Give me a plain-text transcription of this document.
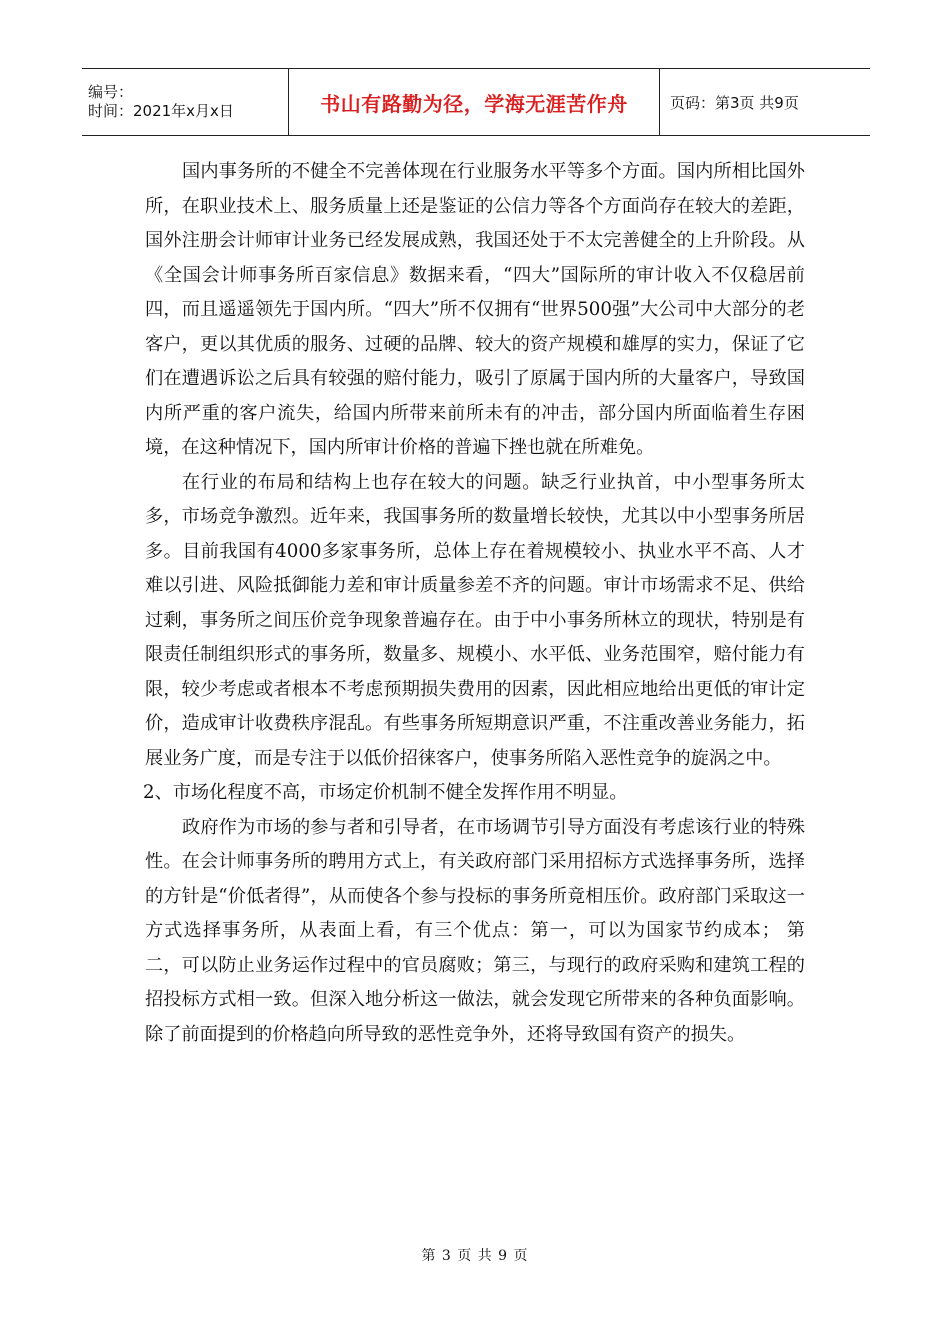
编号：
时间：2021年x月x日	书山有路勤为径，学海无涯苦作舟	页码：第3页 共9页

国内事务所的不健全不完善体现在行业服务水平等多个方面。国内所相比国外所，在职业技术上、服务质量上还是鉴证的公信力等各个方面尚存在较大的差距，国外注册会计师审计业务已经发展成熟，我国还处于不太完善健全的上升阶段。从《全国会计师事务所百家信息》数据来看，“四大”国际所的审计收入不仅稳居前四，而且遥遥领先于国内所。“四大”所不仅拥有“世界500强”大公司中大部分的老客户，更以其优质的服务、过硬的品牌、较大的资产规模和雄厚的实力，保证了它们在遭遇诉讼之后具有较强的赔付能力，吸引了原属于国内所的大量客户，导致国内所严重的客户流失，给国内所带来前所未有的冲击，部分国内所面临着生存困境，在这种情况下，国内所审计价格的普遍下挫也就在所难免。

在行业的布局和结构上也存在较大的问题。缺乏行业执首，中小型事务所太多，市场竞争激烈。近年来，我国事务所的数量增长较快，尤其以中小型事务所居多。目前我国有4000多家事务所，总体上存在着规模较小、执业水平不高、人才难以引进、风险抵御能力差和审计质量参差不齐的问题。审计市场需求不足、供给过剩，事务所之间压价竞争现象普遍存在。由于中小事务所林立的现状，特别是有限责任制组织形式的事务所，数量多、规模小、水平低、业务范围窄，赔付能力有限，较少考虑或者根本不考虑预期损失费用的因素，因此相应地给出更低的审计定价，造成审计收费秩序混乱。有些事务所短期意识严重，不注重改善业务能力，拓展业务广度，而是专注于以低价招徕客户，使事务所陷入恶性竞争的旋涡之中。

2、市场化程度不高，市场定价机制不健全发挥作用不明显。

政府作为市场的参与者和引导者，在市场调节引导方面没有考虑该行业的特殊性。在会计师事务所的聘用方式上，有关政府部门采用招标方式选择事务所，选择的方针是“价低者得”，从而使各个参与投标的事务所竟相压价。政府部门采取这一方式选择事务所，从表面上看，有三个优点：第一，可以为国家节约成本； 第二，可以防止业务运作过程中的官员腐败；第三，与现行的政府采购和建筑工程的招投标方式相一致。但深入地分析这一做法，就会发现它所带来的各种负面影响。除了前面提到的价格趋向所导致的恶性竞争外，还将导致国有资产的损失。

第 3 页 共 9 页
